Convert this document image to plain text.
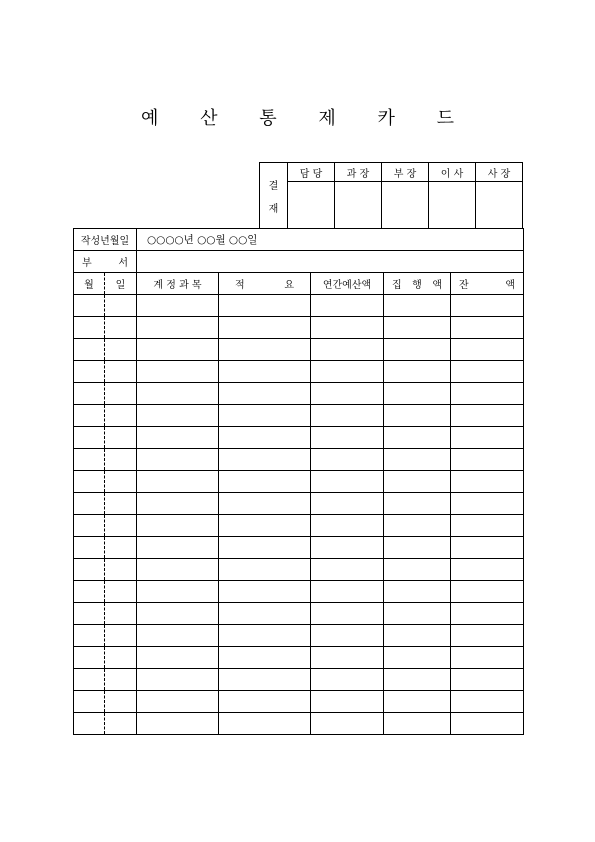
예 산 통 제 카 드
결
재	담 당	과 장	부 장	이 사	사 장

작성년월일		○○○○년 ○○월 ○○일				

부 서						

월	일	계 정 과 목	적 요	연간예산액	집 행 액	잔 액
